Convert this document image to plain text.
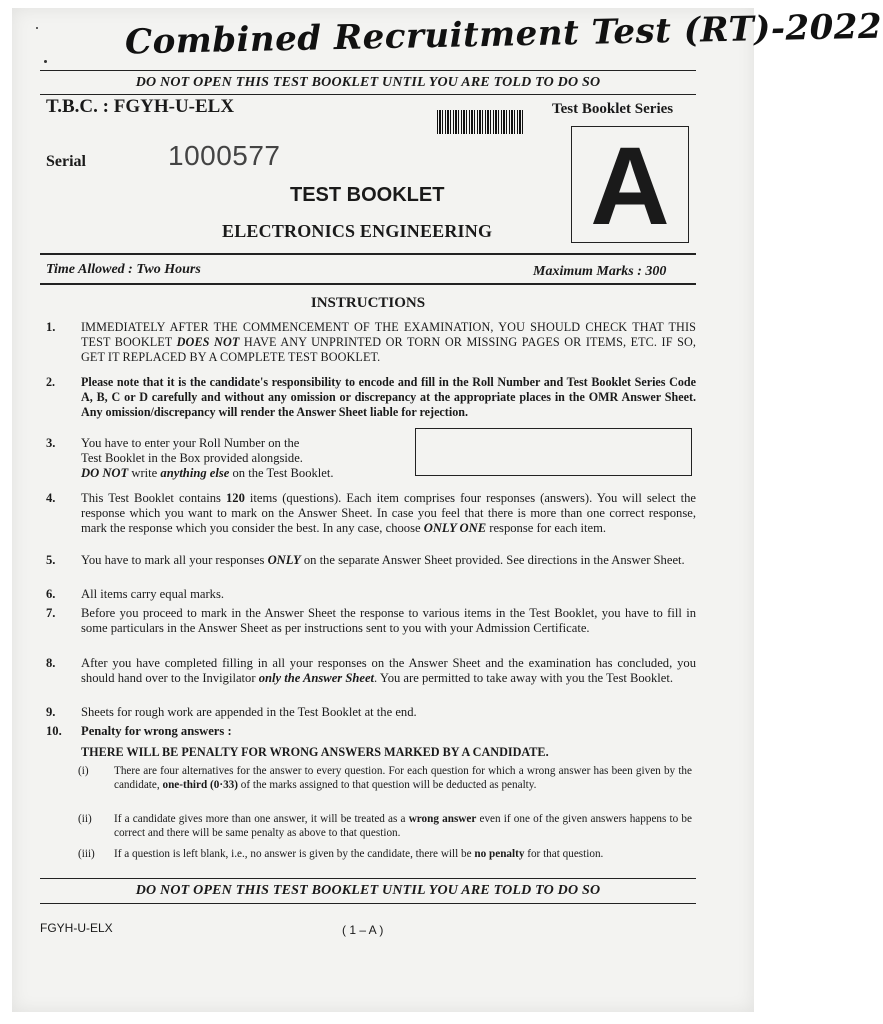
Combined Recruitment Test (RT)-2022
DO NOT OPEN THIS TEST BOOKLET UNTIL YOU ARE TOLD TO DO SO
T.B.C. : FGYH-U-ELX	Test Booklet Series
A
Serial	1000577
TEST BOOKLET
ELECTRONICS ENGINEERING
Time Allowed : Two Hours	Maximum Marks : 300
INSTRUCTIONS
1. IMMEDIATELY AFTER THE COMMENCEMENT OF THE EXAMINATION, YOU SHOULD CHECK THAT THIS TEST BOOKLET DOES NOT HAVE ANY UNPRINTED OR TORN OR MISSING PAGES OR ITEMS, ETC. IF SO, GET IT REPLACED BY A COMPLETE TEST BOOKLET.
2. Please note that it is the candidate's responsibility to encode and fill in the Roll Number and Test Booklet Series Code A, B, C or D carefully and without any omission or discrepancy at the appropriate places in the OMR Answer Sheet. Any omission/discrepancy will render the Answer Sheet liable for rejection.
3. You have to enter your Roll Number on the
Test Booklet in the Box provided alongside.
DO NOT write anything else on the Test Booklet.
4. This Test Booklet contains 120 items (questions). Each item comprises four responses (answers). You will select the response which you want to mark on the Answer Sheet. In case you feel that there is more than one correct response, mark the response which you consider the best. In any case, choose ONLY ONE response for each item.
5. You have to mark all your responses ONLY on the separate Answer Sheet provided. See directions in the Answer Sheet.
6. All items carry equal marks.
7. Before you proceed to mark in the Answer Sheet the response to various items in the Test Booklet, you have to fill in some particulars in the Answer Sheet as per instructions sent to you with your Admission Certificate.
8. After you have completed filling in all your responses on the Answer Sheet and the examination has concluded, you should hand over to the Invigilator only the Answer Sheet. You are permitted to take away with you the Test Booklet.
9. Sheets for rough work are appended in the Test Booklet at the end.
10. Penalty for wrong answers :
THERE WILL BE PENALTY FOR WRONG ANSWERS MARKED BY A CANDIDATE.
(i) There are four alternatives for the answer to every question. For each question for which a wrong answer has been given by the candidate, one-third (0·33) of the marks assigned to that question will be deducted as penalty.
(ii) If a candidate gives more than one answer, it will be treated as a wrong answer even if one of the given answers happens to be correct and there will be same penalty as above to that question.
(iii) If a question is left blank, i.e., no answer is given by the candidate, there will be no penalty for that question.
DO NOT OPEN THIS TEST BOOKLET UNTIL YOU ARE TOLD TO DO SO
FGYH-U-ELX	( 1 – A )
